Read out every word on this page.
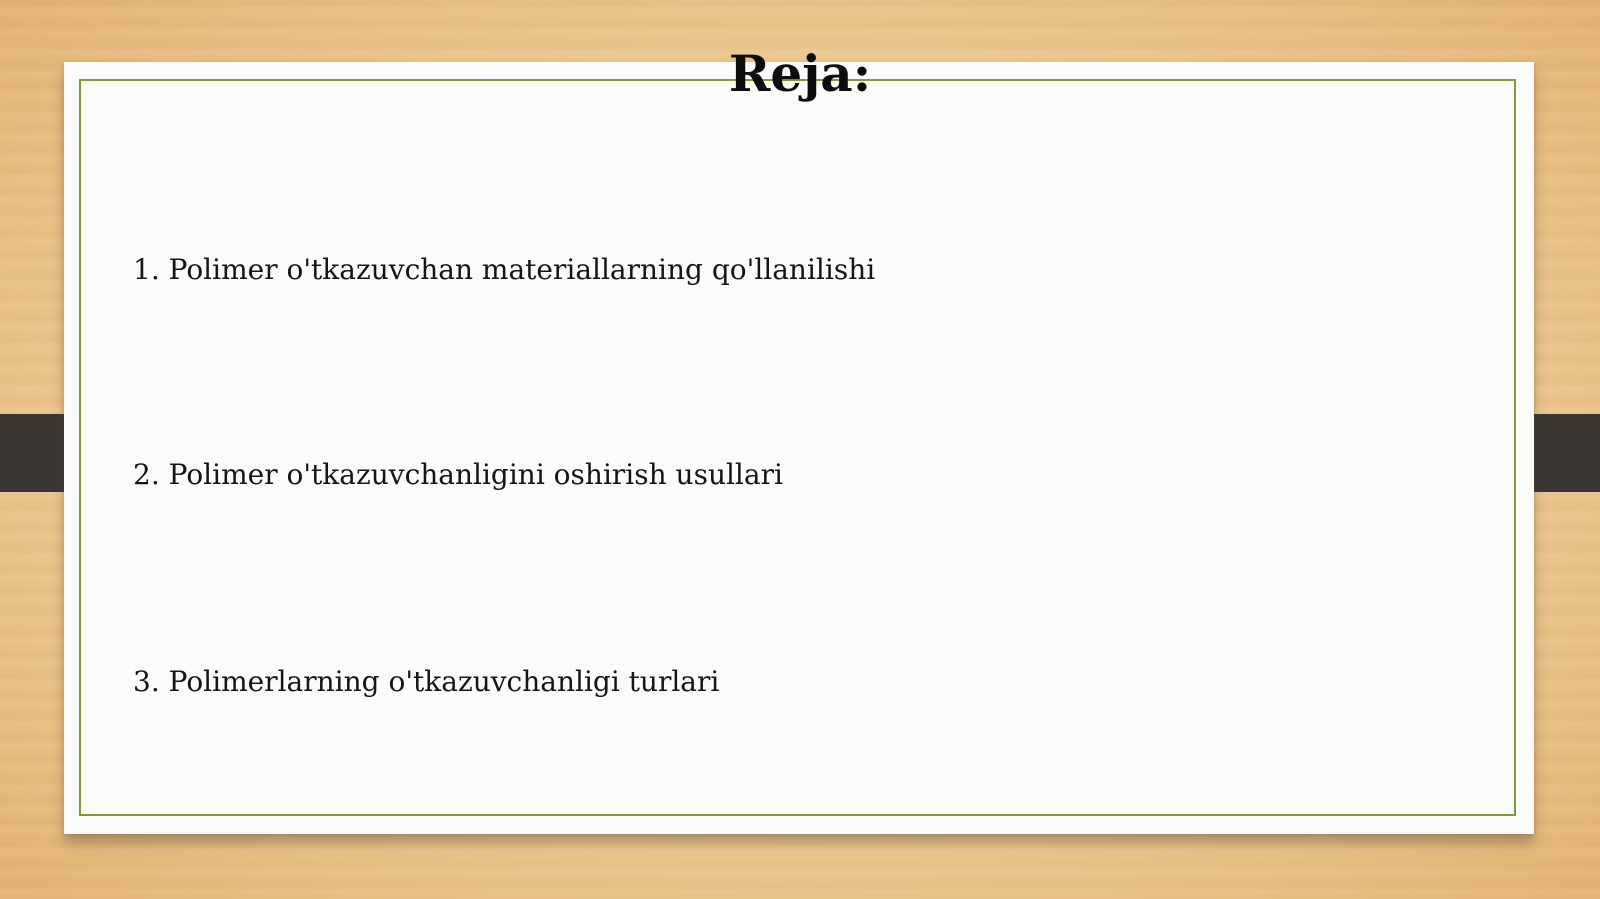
Reja:
1. Polimer o'tkazuvchan materiallarning qo'llanilishi
2. Polimer o'tkazuvchanligini oshirish usullari
3. Polimerlarning o'tkazuvchanligi turlari
